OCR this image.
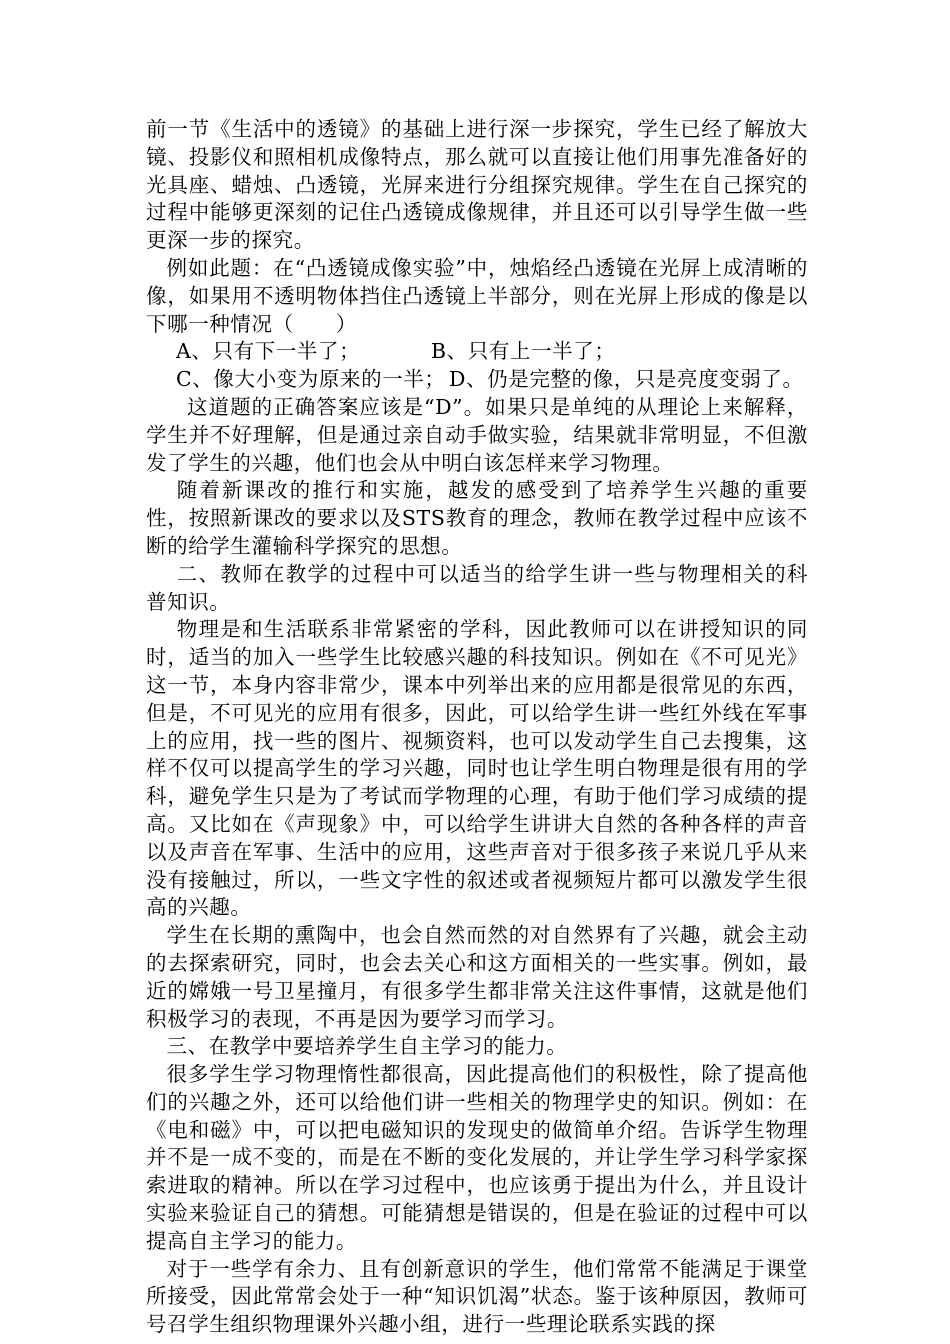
前一节《生活中的透镜》的基础上进行深一步探究，学生已经了解放大镜、投影仪和照相机成像特点，那么就可以直接让他们用事先准备好的光具座、蜡烛、凸透镜，光屏来进行分组探究规律。学生在自己探究的过程中能够更深刻的记住凸透镜成像规律，并且还可以引导学生做一些更深一步的探究。

例如此题：在“凸透镜成像实验”中，烛焰经凸透镜在光屏上成清晰的像，如果用不透明物体挡住凸透镜上半部分，则在光屏上形成的像是以下哪一种情况（　　）

A、只有下一半了；	B、只有上一半了；
C、像大小变为原来的一半； D、仍是完整的像，只是亮度变弱了。

这道题的正确答案应该是“D”。如果只是单纯的从理论上来解释，学生并不好理解，但是通过亲自动手做实验，结果就非常明显，不但激发了学生的兴趣，他们也会从中明白该怎样来学习物理。

随着新课改的推行和实施，越发的感受到了培养学生兴趣的重要性，按照新课改的要求以及STS教育的理念，教师在教学过程中应该不断的给学生灌输科学探究的思想。

二、教师在教学的过程中可以适当的给学生讲一些与物理相关的科普知识。

物理是和生活联系非常紧密的学科，因此教师可以在讲授知识的同时，适当的加入一些学生比较感兴趣的科技知识。例如在《不可见光》这一节，本身内容非常少，课本中列举出来的应用都是很常见的东西，但是，不可见光的应用有很多，因此，可以给学生讲一些红外线在军事上的应用，找一些的图片、视频资料，也可以发动学生自己去搜集，这样不仅可以提高学生的学习兴趣，同时也让学生明白物理是很有用的学科，避免学生只是为了考试而学物理的心理，有助于他们学习成绩的提高。又比如在《声现象》中，可以给学生讲讲大自然的各种各样的声音以及声音在军事、生活中的应用，这些声音对于很多孩子来说几乎从来没有接触过，所以，一些文字性的叙述或者视频短片都可以激发学生很高的兴趣。

学生在长期的熏陶中，也会自然而然的对自然界有了兴趣，就会主动的去探索研究，同时，也会去关心和这方面相关的一些实事。例如，最近的嫦娥一号卫星撞月，有很多学生都非常关注这件事情，这就是他们积极学习的表现，不再是因为要学习而学习。

三、在教学中要培养学生自主学习的能力。

很多学生学习物理惰性都很高，因此提高他们的积极性，除了提高他们的兴趣之外，还可以给他们讲一些相关的物理学史的知识。例如：在《电和磁》中，可以把电磁知识的发现史的做简单介绍。告诉学生物理并不是一成不变的，而是在不断的变化发展的，并让学生学习科学家探索进取的精神。所以在学习过程中，也应该勇于提出为什么，并且设计实验来验证自己的猜想。可能猜想是错误的，但是在验证的过程中可以提高自主学习的能力。

对于一些学有余力、且有创新意识的学生，他们常常不能满足于课堂所接受，因此常常会处于一种“知识饥渴”状态。鉴于该种原因，教师可号召学生组织物理课外兴趣小组，进行一些理论联系实践的探
